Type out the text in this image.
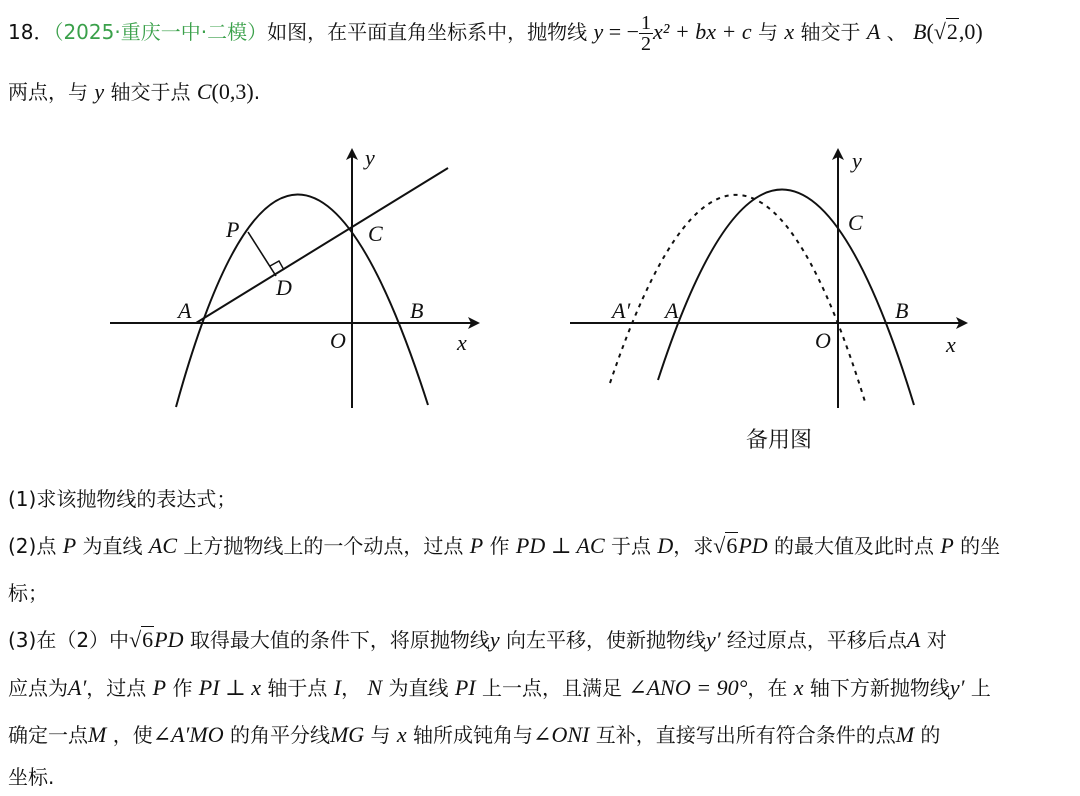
18．（2025·重庆一中·二模）如图，在平面直角坐标系中，抛物线 y = − $\frac{1}{2} x^2$ + bx + c 与 x 轴交于 A 、 B(√2,0)
两点，与 y 轴交于点 C(0,3).
y
x
O
A	B
C
P
D
y
x
O
A
A′	B
C
备用图
(1)求该抛物线的表达式；
(2)点 P 为直线 AC 上方抛物线上的一个动点，过点 P 作 PD ⊥ AC 于点 D，求√6PD 的最大值及此时点 P 的坐
标；
(3)在（2）中√6PD 取得最大值的条件下，将原抛物线y 向左平移，使新抛物线y′ 经过原点，平移后点A 对
应点为A′，过点 P 作 PI ⊥ x 轴于点 I， N 为直线 PI 上一点，且满足 ∠ANO = 90°，在 x 轴下方新抛物线y′ 上
确定一点M ，使∠A′MO 的角平分线MG 与 x 轴所成钝角与∠ONI 互补，直接写出所有符合条件的点M 的
坐标.
